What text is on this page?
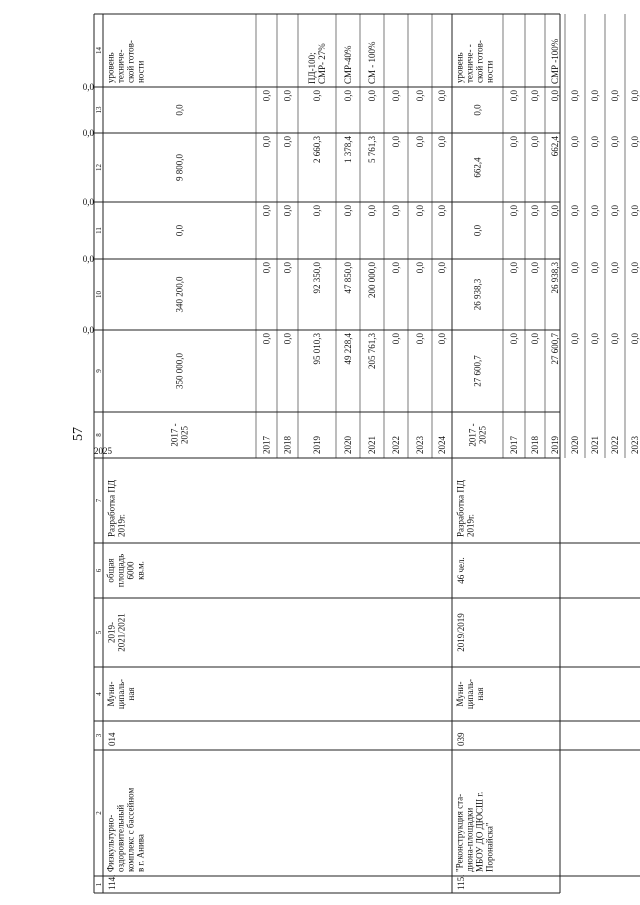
57
1
2
3
4
5
6
7
8
9
10
11
12
13
14
114.
Физкультурно- оздоровительный комплекс с бассейном в г. Анива
014
Муни- ципаль- ная
2019- 2021/2021
общая площадь 6000 кв.м.
Разработка ПД 2019г.
2017 - 2025
350 000,0
340 200,0
0,0
9 800,0
0,0
уровень техниче- ской готов- ности
2017
0,0
0,0
0,0
0,0
0,0
2018
0,0
0,0
0,0
0,0
0,0
2019
95 010,3
92 350,0
0,0
2 660,3
0,0
ПД-100; СМР- 27%
2020
49 228,4
47 850,0
0,0
1 378,4
0,0
СМР-40%
2021
205 761,3
200 000,0
0,0
5 761,3
0,0
СМ - 100%
2022
0,0
0,0
0,0
0,0
0,0
2023
0,0
0,0
0,0
0,0
0,0
2024
0,0
0,0
0,0
0,0
0,0
2025
0,0
0,0
0,0
0,0
0,0
115.
"Реконструкция ста- диона-площадки МБОУ ДО ДЮСШ г. Поронайска"
039
Муни- ципаль- ная
2019/2019
46 чел.
Разработка ПД 2019г.
2017 - 2025
27 600,7
26 938,3
0,0
662,4
0,0
уровень техниче- - ской готов- ности
2017
0,0
0,0
0,0
0,0
0,0
2018
0,0
0,0
0,0
0,0
0,0
2019
27 600,7
26 938,3
0,0
662,4
0,0
СМР -100%
2020
0,0
0,0
0,0
0,0
0,0
2021
0,0
0,0
0,0
0,0
0,0
2022
0,0
0,0
0,0
0,0
0,0
2023
0,0
0,0
0,0
0,0
0,0
